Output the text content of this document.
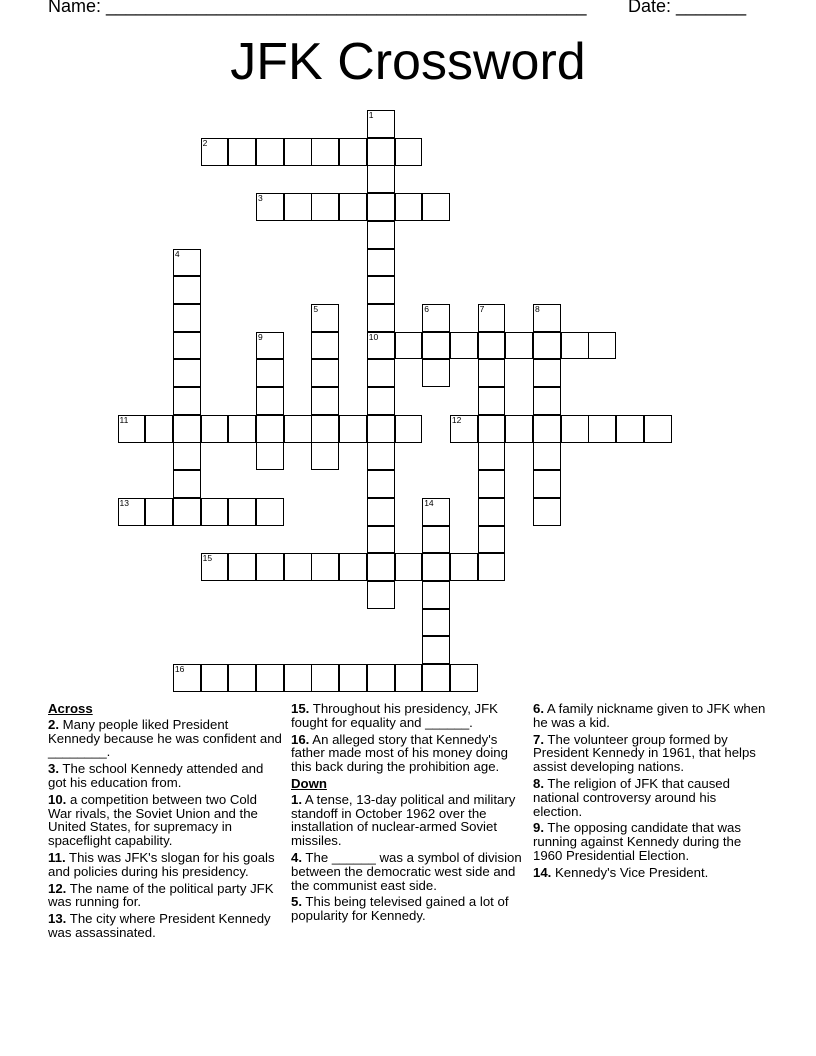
Name: ________________________________________________ Date: _______
JFK Crossword
1
10
2
3
4
5	6	7	8
9
11	12
13	14
15
16
Across
2. Many people liked President Kennedy because he was confident and ________.
3. The school Kennedy attended and got his education from.
10. a competition between two Cold War rivals, the Soviet Union and the United States, for supremacy in spaceflight capability.
11. This was JFK's slogan for his goals and policies during his presidency.
12. The name of the political party JFK was running for.
13. The city where President Kennedy was assassinated.
15. Throughout his presidency, JFK fought for equality and ______.
16. An alleged story that Kennedy's father made most of his money doing this back during the prohibition age.
Down
1. A tense, 13-day political and military standoff in October 1962 over the installation of nuclear-armed Soviet missiles.
4. The ______ was a symbol of division between the democratic west side and the communist east side.
5. This being televised gained a lot of popularity for Kennedy.
6. A family nickname given to JFK when he was a kid.
7. The volunteer group formed by President Kennedy in 1961, that helps assist developing nations.
8. The religion of JFK that caused national controversy around his election.
9. The opposing candidate that was running against Kennedy during the 1960 Presidential Election.
14. Kennedy's Vice President.
